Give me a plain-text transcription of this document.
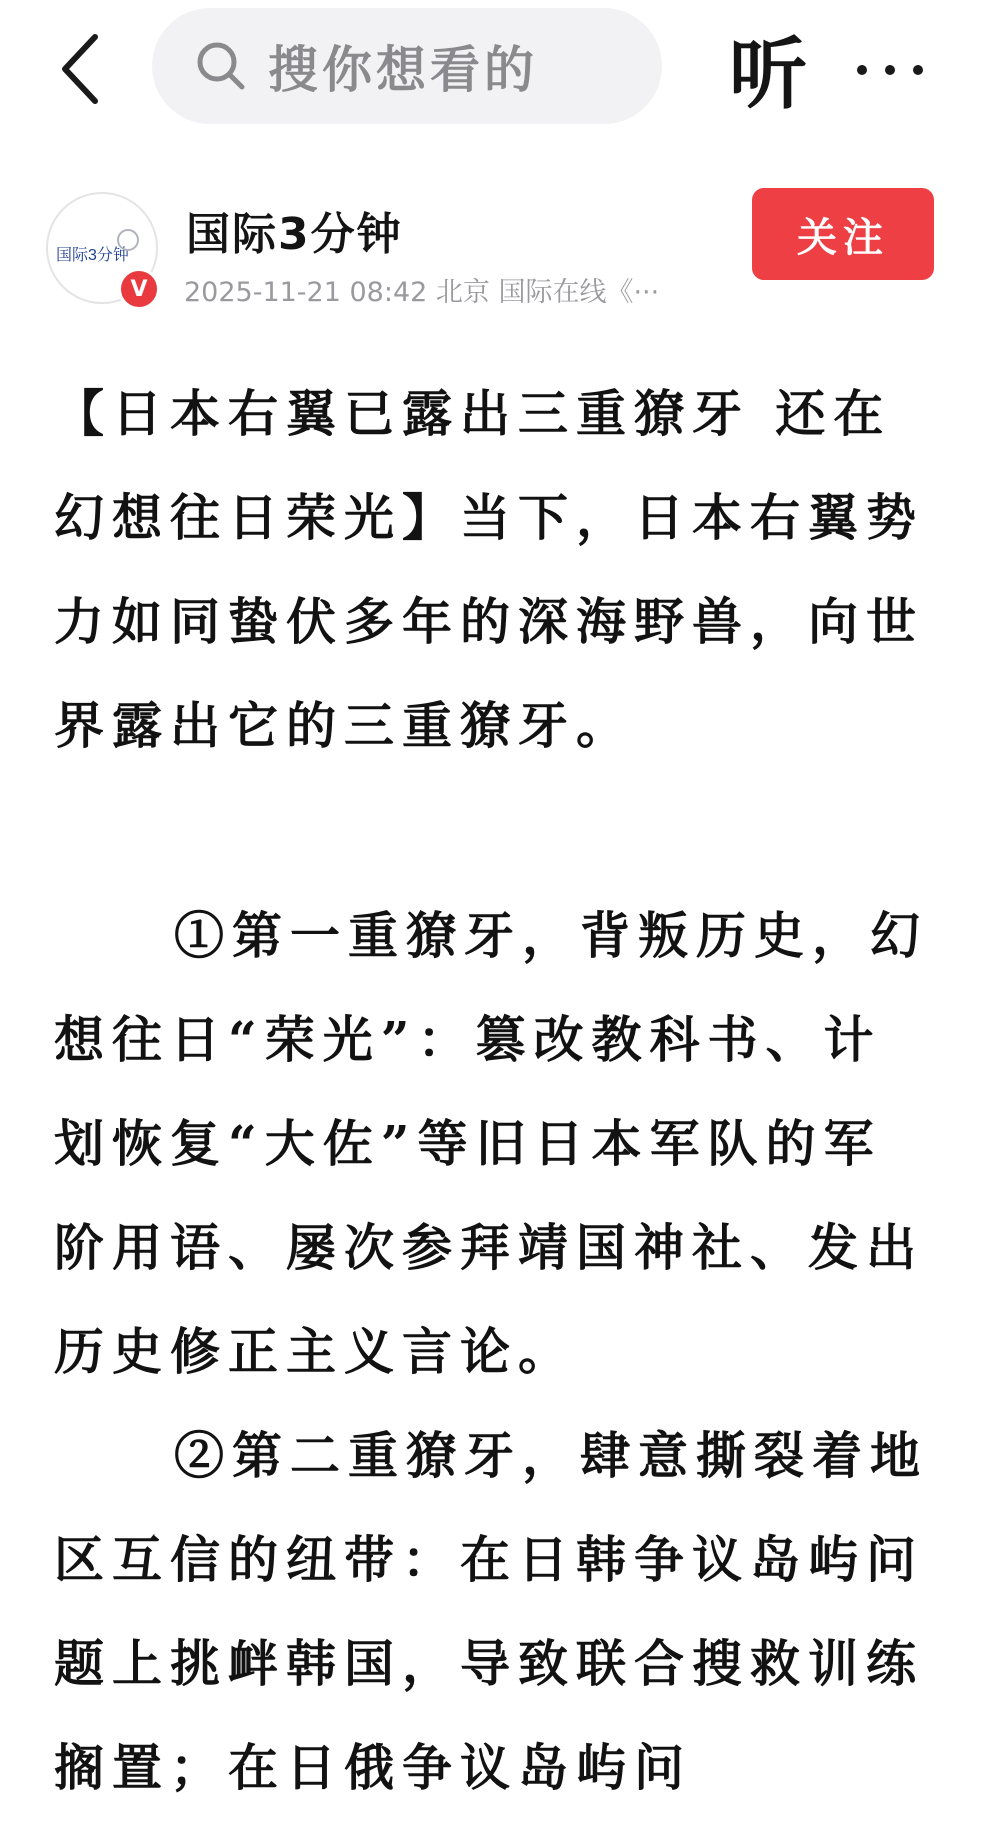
搜你想看的 听
国际3分钟
V
国际3分钟
2025-11-21 08:42 北京 国际在线《···
关注

【日本右翼已露出三重獠牙 还在幻想往日荣光】当下，日本右翼势力如同蛰伏多年的深海野兽，向世界露出它的三重獠牙。

①第一重獠牙，背叛历史，幻想往日“荣光”：篡改教科书、计划恢复“大佐”等旧日本军队的军阶用语、屡次参拜靖国神社、发出历史修正主义言论。

②第二重獠牙，肆意撕裂着地区互信的纽带：在日韩争议岛屿问题上挑衅韩国，导致联合搜救训练搁置；在日俄争议岛屿问
